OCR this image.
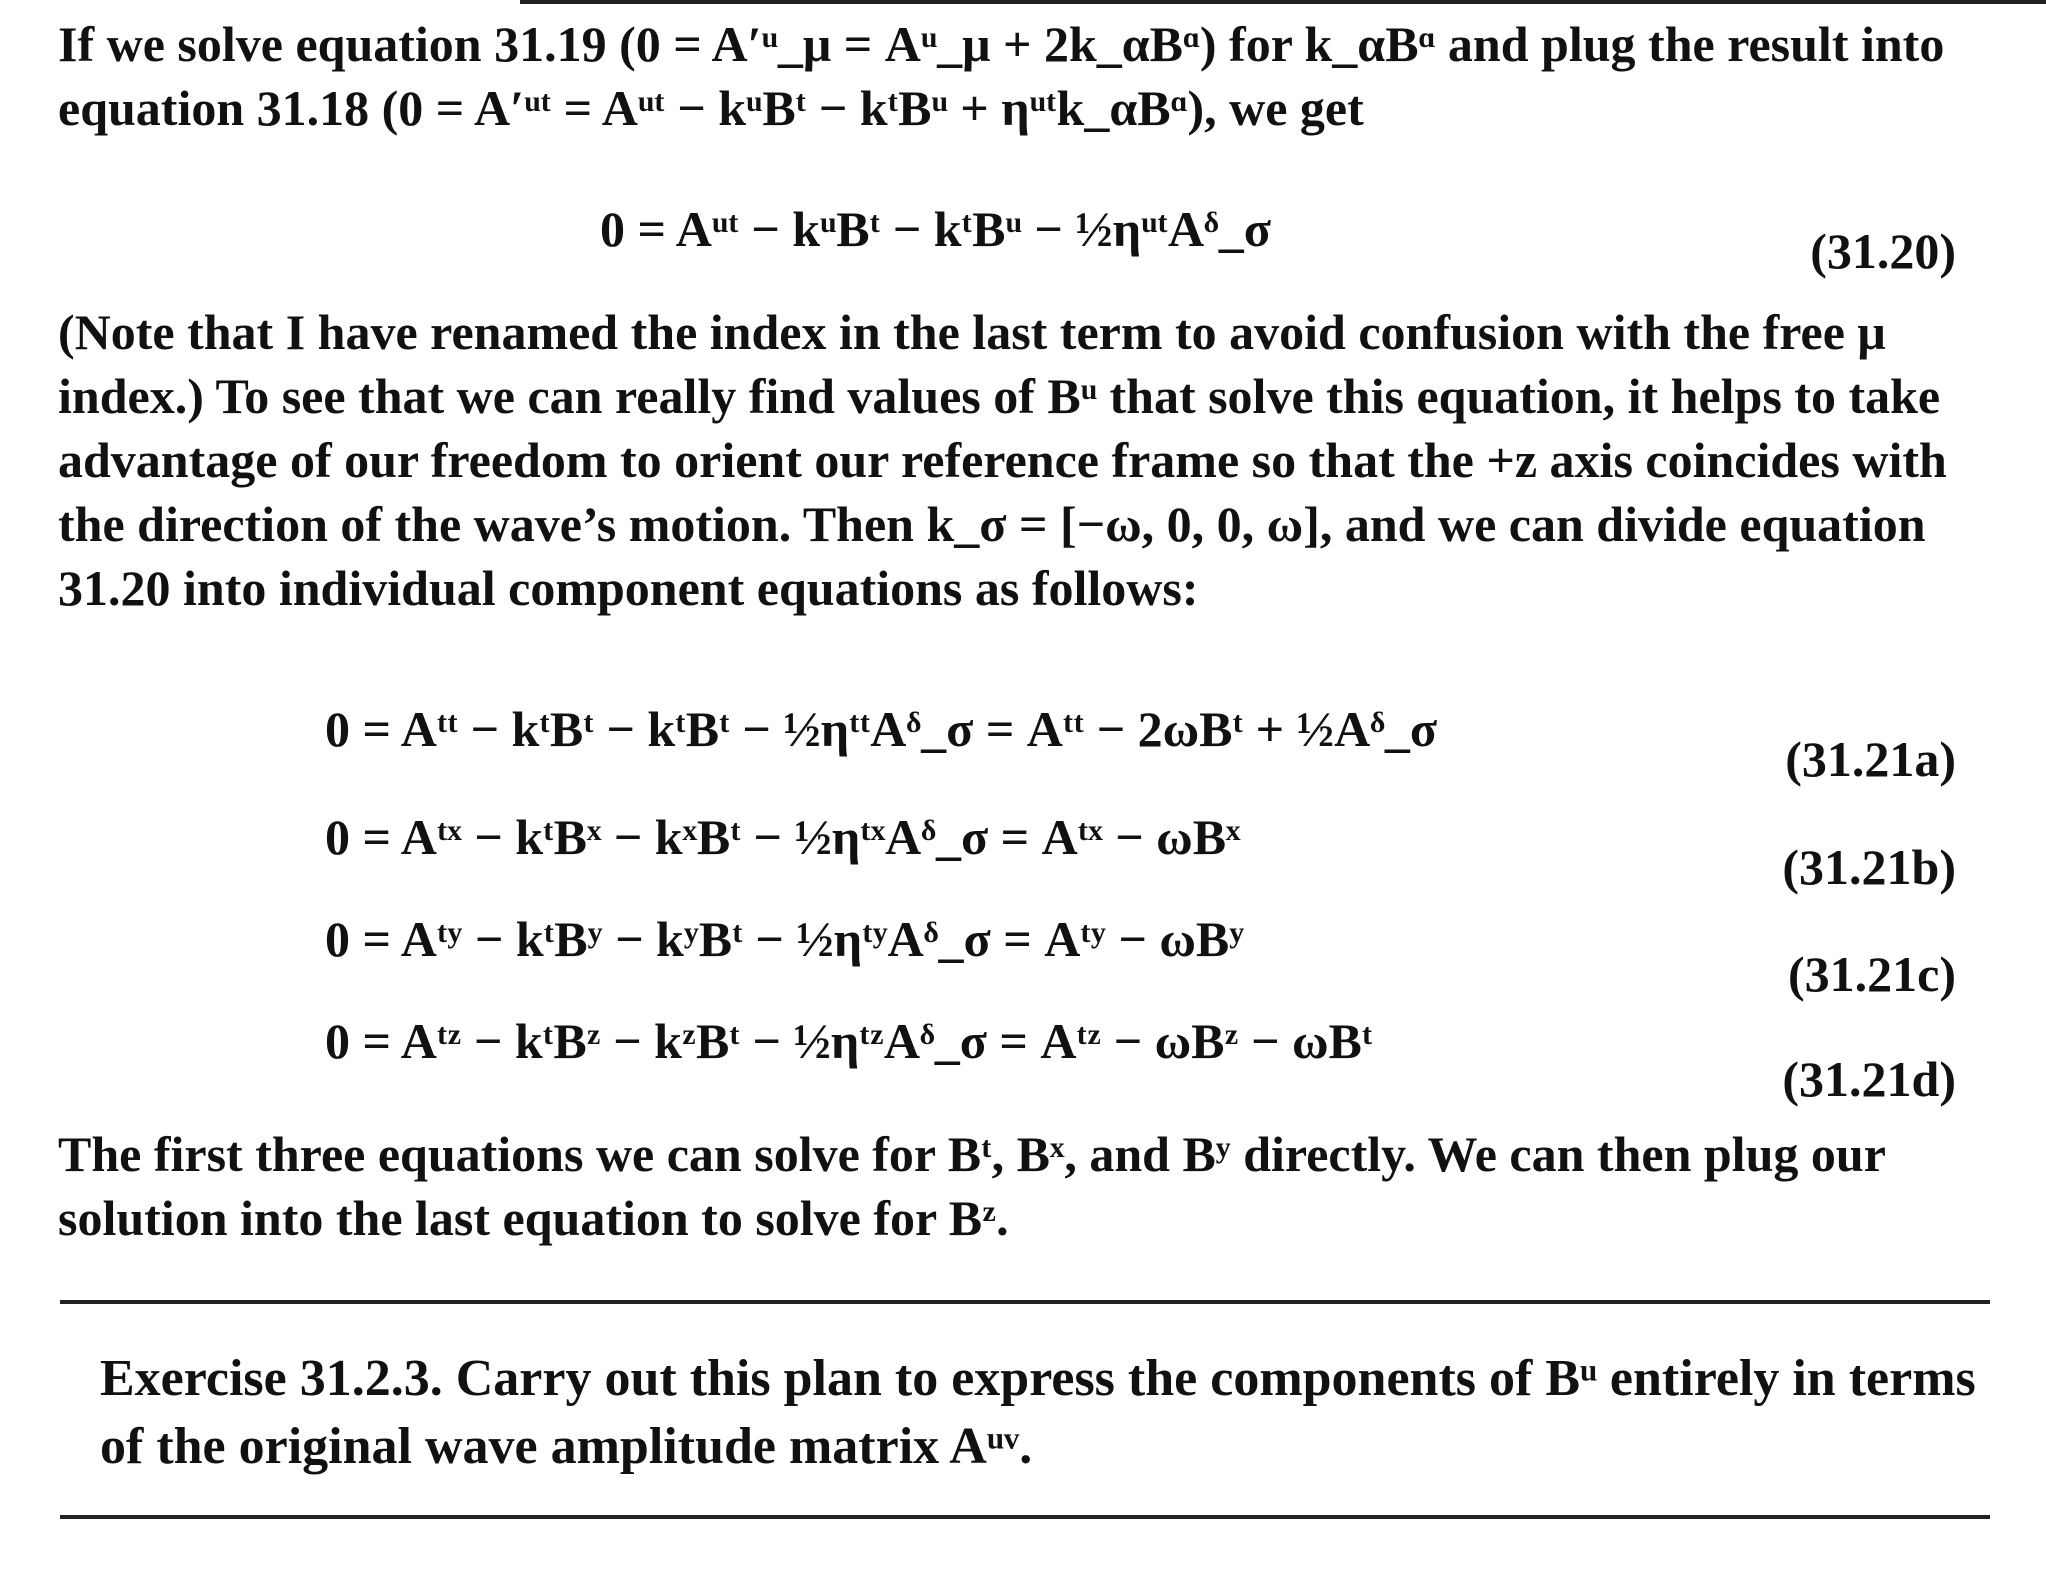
If we solve equation 31.19 (0 = A′ᵘ_μ = Aᵘ_μ + 2k_αBᵅ) for k_αBᵅ and plug the result into equation 31.18 (0 = A′ᵘᵗ = Aᵘᵗ − kᵘBᵗ − kᵗBᵘ + ηᵘᵗk_αBᵅ), we get

0 = Aᵘᵗ − kᵘBᵗ − kᵗBᵘ − ½ηᵘᵗAᵟ_σ	(31.20)

(Note that I have renamed the index in the last term to avoid confusion with the free μ index.) To see that we can really find values of Bᵘ that solve this equation, it helps to take advantage of our freedom to orient our reference frame so that the +z axis coincides with the direction of the wave’s motion. Then k_σ = [−ω, 0, 0, ω], and we can divide equation 31.20 into individual component equations as follows:

0 = Aᵗᵗ − kᵗBᵗ − kᵗBᵗ − ½ηᵗᵗAᵟ_σ = Aᵗᵗ − 2ωBᵗ + ½Aᵟ_σ
(31.21a)
0 = Aᵗˣ − kᵗBˣ − kˣBᵗ − ½ηᵗˣAᵟ_σ = Aᵗˣ − ωBˣ
(31.21b)
0 = Aᵗʸ − kᵗBʸ − kʸBᵗ − ½ηᵗʸAᵟ_σ = Aᵗʸ − ωBʸ
(31.21c)
0 = Aᵗᶻ − kᵗBᶻ − kᶻBᵗ − ½ηᵗᶻAᵟ_σ = Aᵗᶻ − ωBᶻ − ωBᵗ
(31.21d)

The first three equations we can solve for Bᵗ, Bˣ, and Bʸ directly. We can then plug our solution into the last equation to solve for Bᶻ.

Exercise 31.2.3. Carry out this plan to express the components of Bᵘ entirely in terms of the original wave amplitude matrix Aᵘᵛ.
